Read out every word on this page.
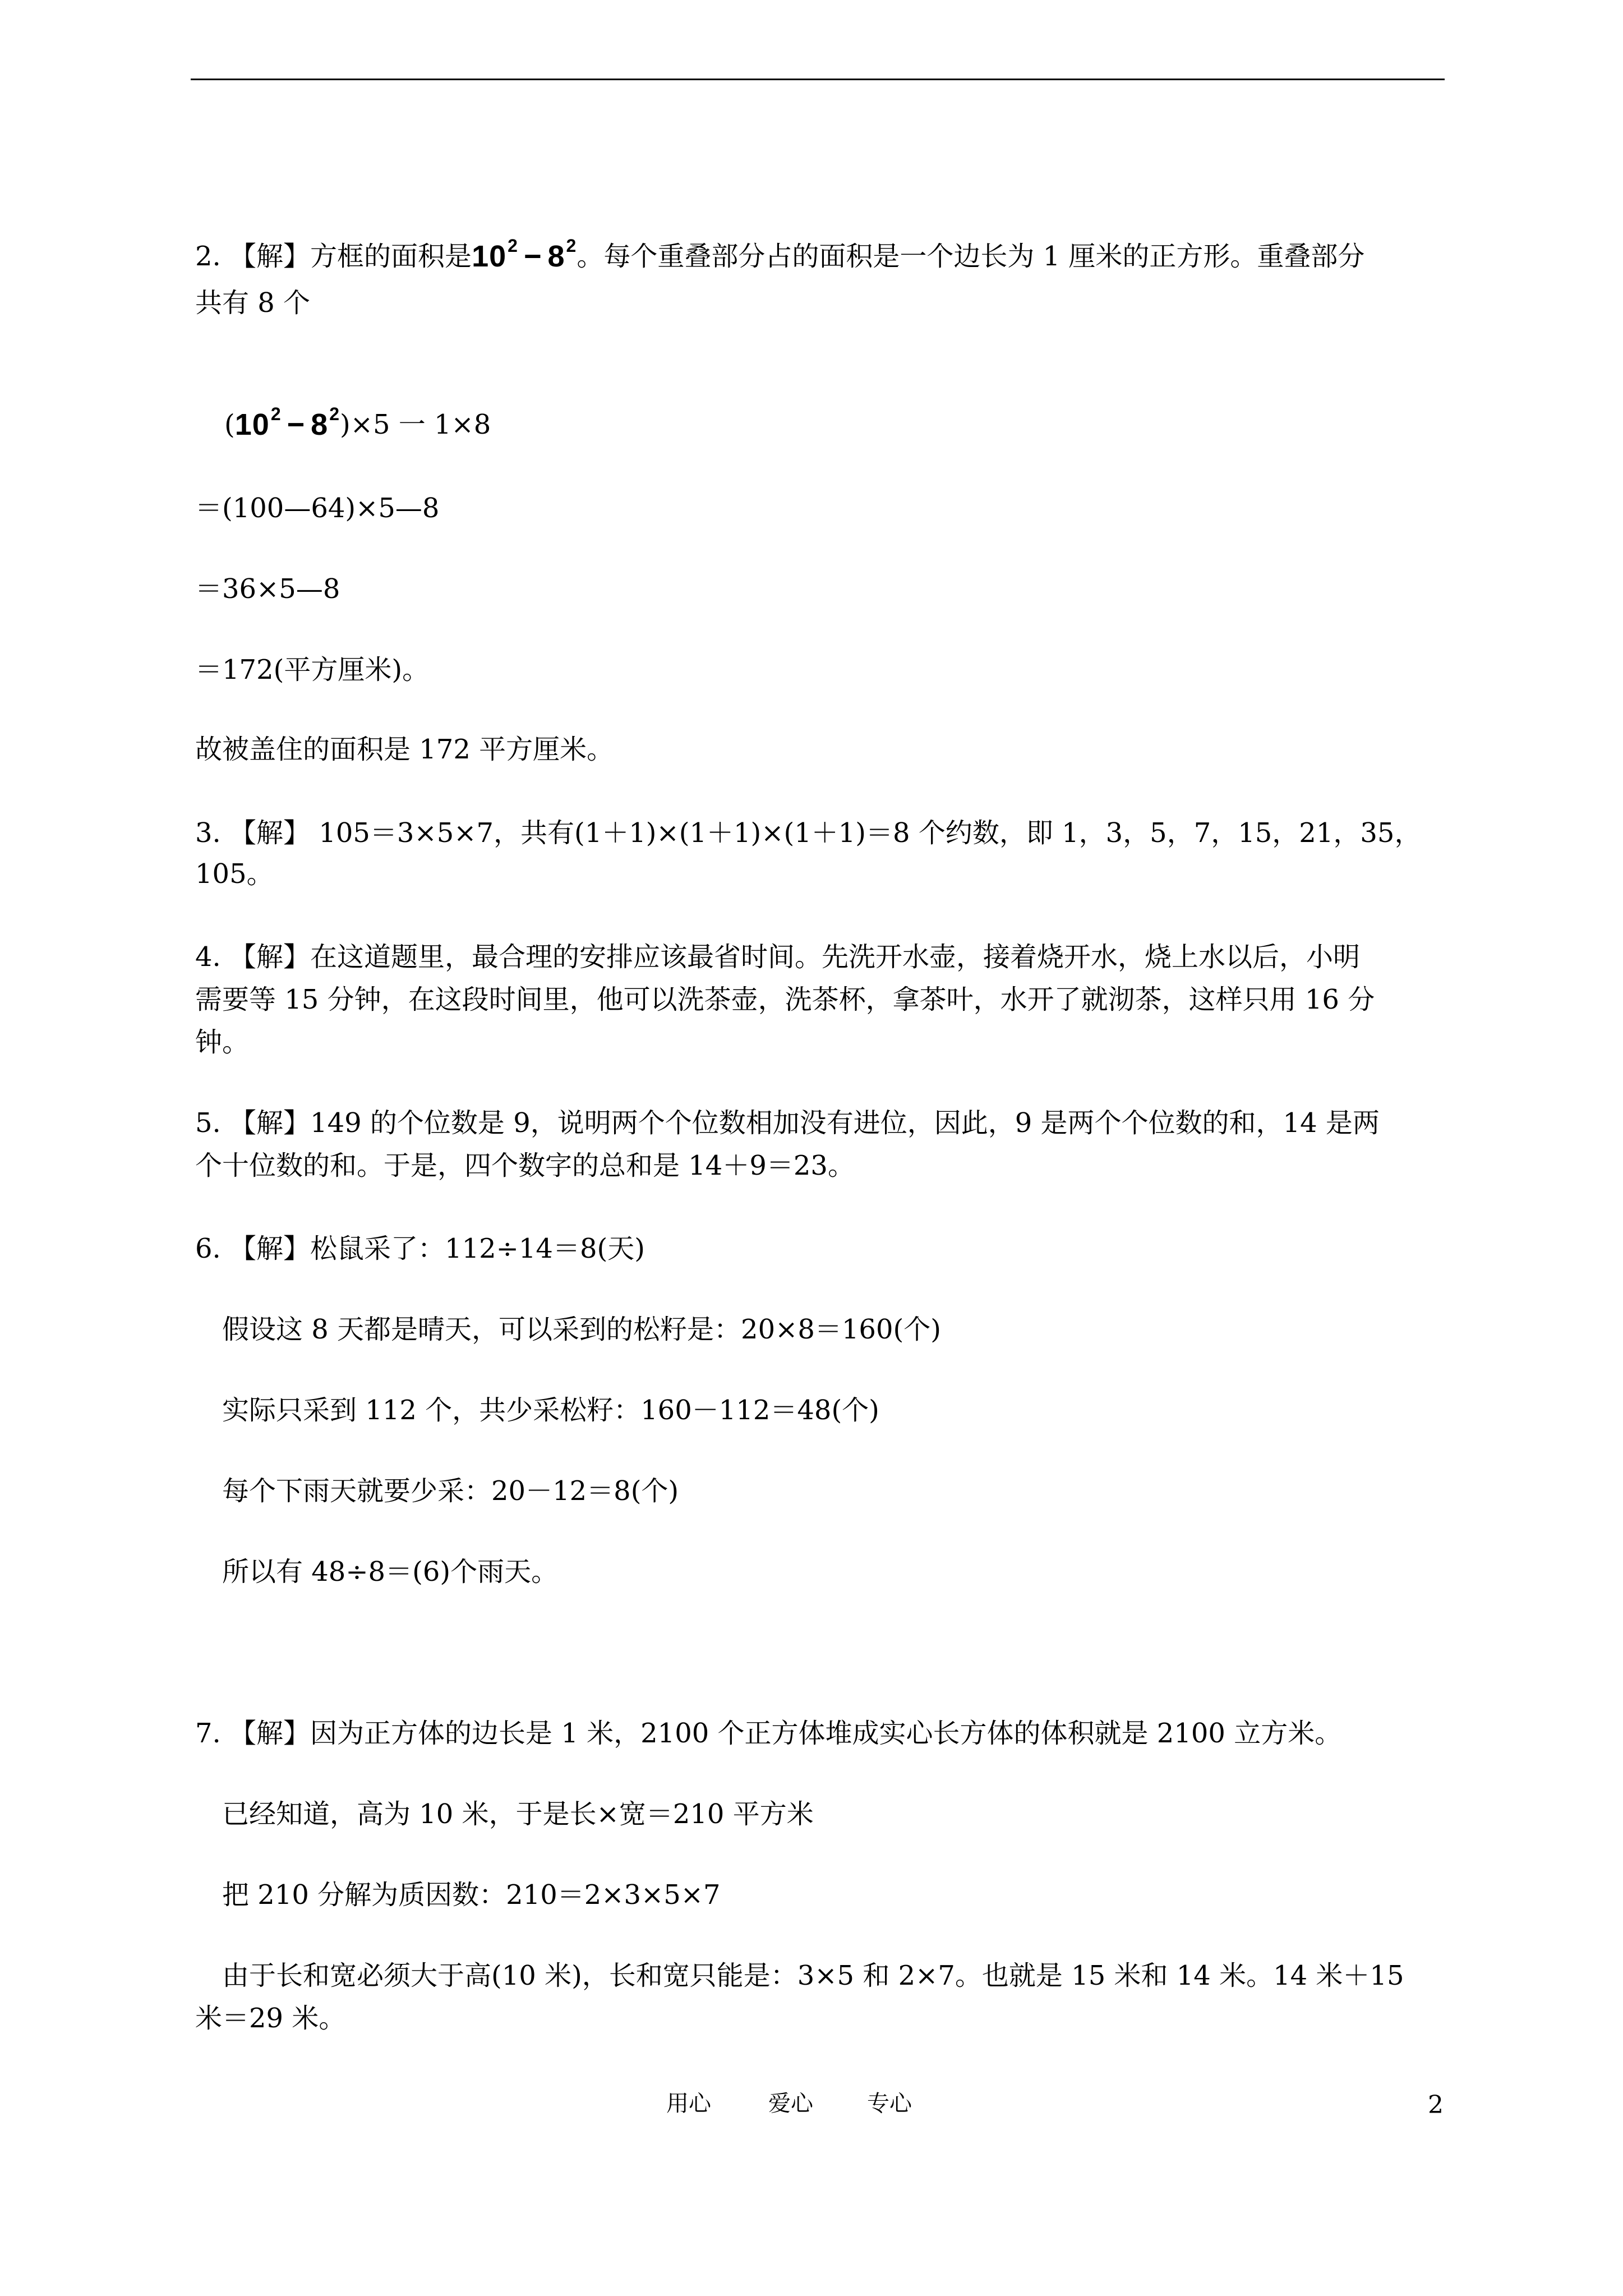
2. 【解】方框的面积是$10^2 - 8^2$。每个重叠部分占的面积是一个边长为 1 厘米的正方形。重叠部分
共有 8 个
$(10^2 - 8^2)\times 5$ 一 1×8
＝(100—64)×5—8
＝36×5—8
＝172(平方厘米)。
故被盖住的面积是 172 平方厘米。
3. 【解】 105＝3×5×7，共有(1＋1)×(1＋1)×(1＋1)＝8 个约数，即 1，3，5，7，15，21，35，
105。
4. 【解】在这道题里，最合理的安排应该最省时间。先洗开水壶，接着烧开水，烧上水以后，小明
需要等 15 分钟，在这段时间里，他可以洗茶壶，洗茶杯，拿茶叶，水开了就沏茶，这样只用 16 分
钟。
5. 【解】149 的个位数是 9，说明两个个位数相加没有进位，因此，9 是两个个位数的和，14 是两
个十位数的和。于是，四个数字的总和是 14＋9＝23。
6. 【解】松鼠采了：112÷14＝8(天)
假设这 8 天都是晴天，可以采到的松籽是：20×8＝160(个)
实际只采到 112 个，共少采松籽：160－112＝48(个)
每个下雨天就要少采：20－12＝8(个)
所以有 48÷8＝(6)个雨天。
7. 【解】因为正方体的边长是 1 米，2100 个正方体堆成实心长方体的体积就是 2100 立方米。
已经知道，高为 10 米，于是长×宽＝210 平方米
把 210 分解为质因数：210＝2×3×5×7
由于长和宽必须大于高(10 米)，长和宽只能是：3×5 和 2×7。也就是 15 米和 14 米。14 米＋15
米＝29 米。
用心	爱心 专心	2
